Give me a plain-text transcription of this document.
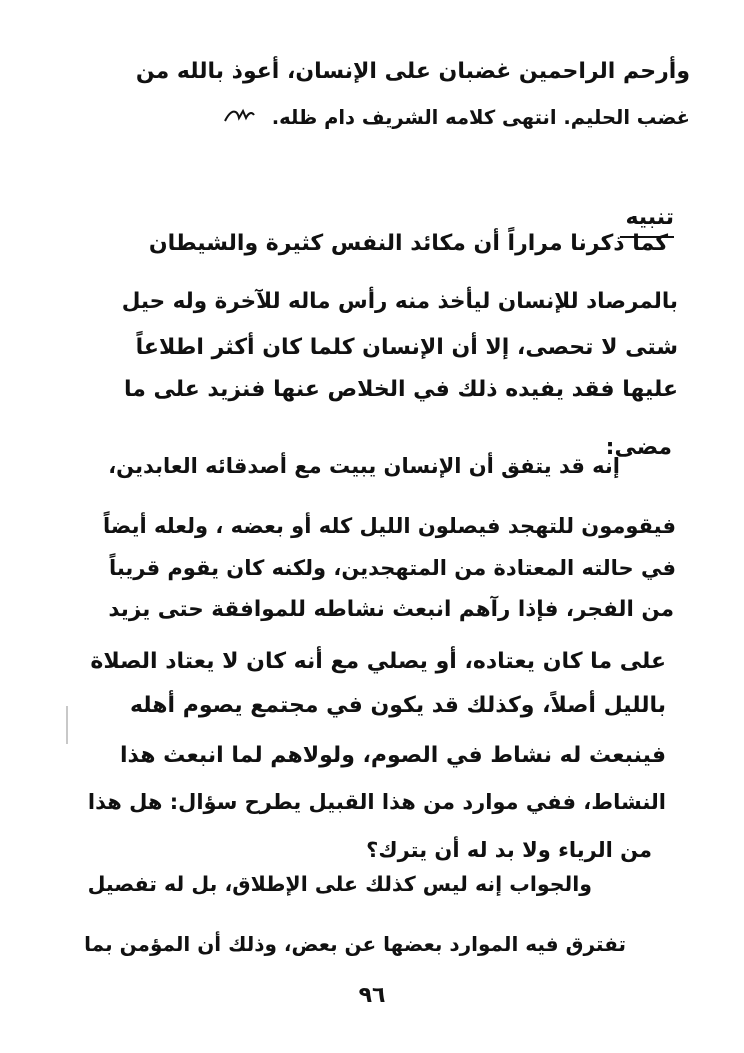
وأرحم الراحمين غضبان على الإنسان، أعوذ بالله من
غضب الحليم. انتهى كلامه الشريف دام ظله.
تنبيه
كما ذكرنا مراراً أن مكائد النفس كثيرة والشيطان
بالمرصاد للإنسان ليأخذ منه رأس ماله للآخرة وله حيل
شتى لا تحصى، إلا أن الإنسان كلما كان أكثر اطلاعاً
عليها فقد يفيده ذلك في الخلاص عنها فنزيد على ما
مضى:
إنه قد يتفق أن الإنسان يبيت مع أصدقائه العابدين،
فيقومون للتهجد فيصلون الليل كله أو بعضه ، ولعله أيضاً
في حالته المعتادة من المتهجدين، ولكنه كان يقوم قريباً
من الفجر، فإذا رآهم انبعث نشاطه للموافقة حتى يزيد
على ما كان يعتاده، أو يصلي مع أنه كان لا يعتاد الصلاة
بالليل أصلاً، وكذلك قد يكون في مجتمع يصوم أهله
فينبعث له نشاط في الصوم، ولولاهم لما انبعث هذا
النشاط، ففي موارد من هذا القبيل يطرح سؤال: هل هذا
من الرياء ولا بد له أن يترك؟
والجواب إنه ليس كذلك على الإطلاق، بل له تفصيل
تفترق فيه الموارد بعضها عن بعض، وذلك أن المؤمن بما
٩٦
